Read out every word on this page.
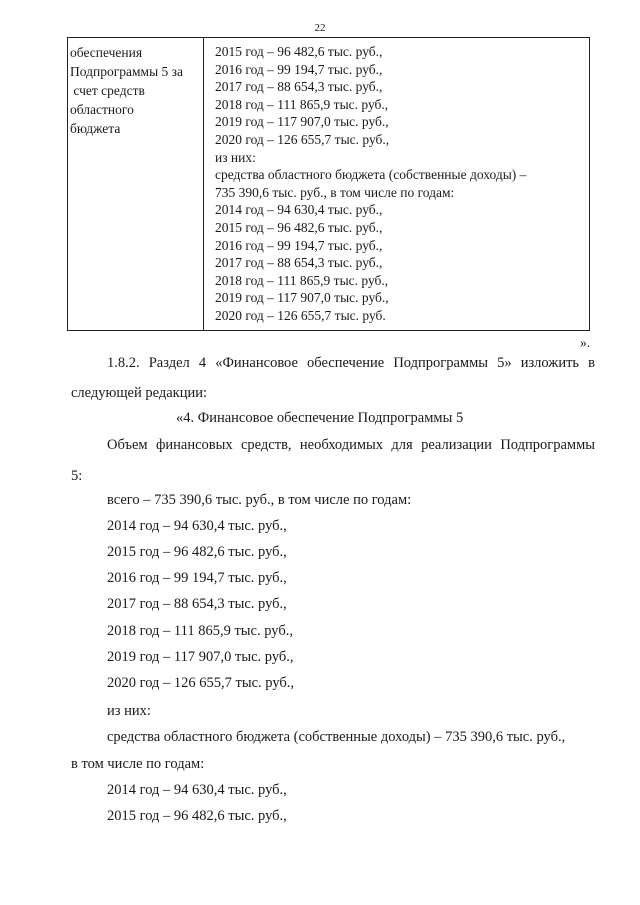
22
обеспечения
Подпрограммы 5 за
счет средств
областного
бюджета
2015 год – 96 482,6 тыс. руб.,
2016 год – 99 194,7 тыс. руб.,
2017 год – 88 654,3 тыс. руб.,
2018 год – 111 865,9 тыс. руб.,
2019 год – 117 907,0 тыс. руб.,
2020 год – 126 655,7 тыс. руб.,
из них:
средства областного бюджета (собственные доходы) –
735 390,6 тыс. руб., в том числе по годам:
2014 год – 94 630,4 тыс. руб.,
2015 год – 96 482,6 тыс. руб.,
2016 год – 99 194,7 тыс. руб.,
2017 год – 88 654,3 тыс. руб.,
2018 год – 111 865,9 тыс. руб.,
2019 год – 117 907,0 тыс. руб.,
2020 год – 126 655,7 тыс. руб.
».
1.8.2. Раздел 4 «Финансовое обеспечение Подпрограммы 5» изложить в
следующей редакции:
«4. Финансовое обеспечение Подпрограммы 5
Объем финансовых средств, необходимых для реализации Подпрограммы
5:
всего – 735 390,6 тыс. руб., в том числе по годам:
2014 год – 94 630,4 тыс. руб.,
2015 год – 96 482,6 тыс. руб.,
2016 год – 99 194,7 тыс. руб.,
2017 год – 88 654,3 тыс. руб.,
2018 год – 111 865,9 тыс. руб.,
2019 год – 117 907,0 тыс. руб.,
2020 год – 126 655,7 тыс. руб.,
из них:
средства областного бюджета (собственные доходы) – 735 390,6 тыс. руб.,
в том числе по годам:
2014 год – 94 630,4 тыс. руб.,
2015 год – 96 482,6 тыс. руб.,
